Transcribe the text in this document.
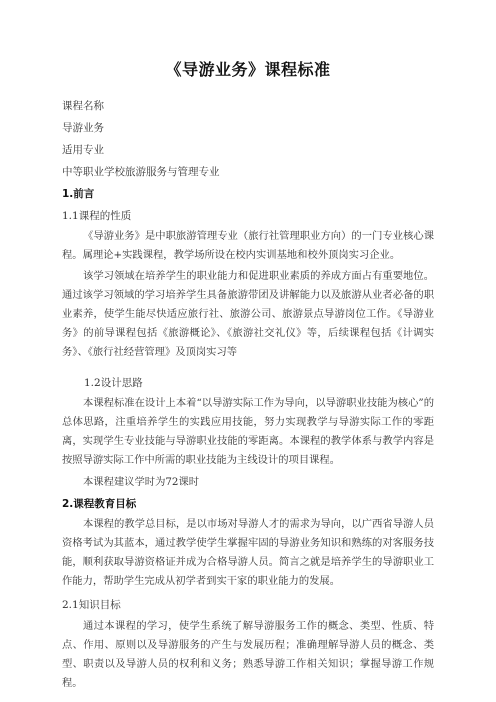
《导游业务》课程标准
课程名称
导游业务
适用专业
中等职业学校旅游服务与管理专业
1.前言
1.1课程的性质
《导游业务》是中职旅游管理专业（旅行社管理职业方向）的一门专业核心课程。属理论+实践课程，教学场所设在校内实训基地和校外顶岗实习企业。
该学习领域在培养学生的职业能力和促进职业素质的养成方面占有重要地位。通过该学习领域的学习培养学生具备旅游带团及讲解能力以及旅游从业者必备的职业素养，使学生能尽快适应旅行社、旅游公司、旅游景点导游岗位工作。《导游业务》的前导课程包括《旅游概论》、《旅游社交礼仪》等，后续课程包括《计调实务》、《旅行社经营管理》及顶岗实习等
1.2设计思路
本课程标准在设计上本着“以导游实际工作为导向，以导游职业技能为核心”的总体思路，注重培养学生的实践应用技能，努力实现教学与导游实际工作的零距离，实现学生专业技能与导游职业技能的零距离。本课程的教学体系与教学内容是按照导游实际工作中所需的职业技能为主线设计的项目课程。
本课程建议学时为72课时
2.课程教育目标
本课程的教学总目标，是以市场对导游人才的需求为导向，以广西省导游人员资格考试为其蓝本，通过教学使学生掌握牢固的导游业务知识和熟练的对客服务技能，顺利获取导游资格证并成为合格导游人员。简言之就是培养学生的导游职业工作能力，帮助学生完成从初学者到实干家的职业能力的发展。
2.1知识目标
通过本课程的学习，使学生系统了解导游服务工作的概念、类型、性质、特点、作用、原则以及导游服务的产生与发展历程；准确理解导游人员的概念、类型、职责以及导游人员的权利和义务；熟悉导游工作相关知识；掌握导游工作规程。
